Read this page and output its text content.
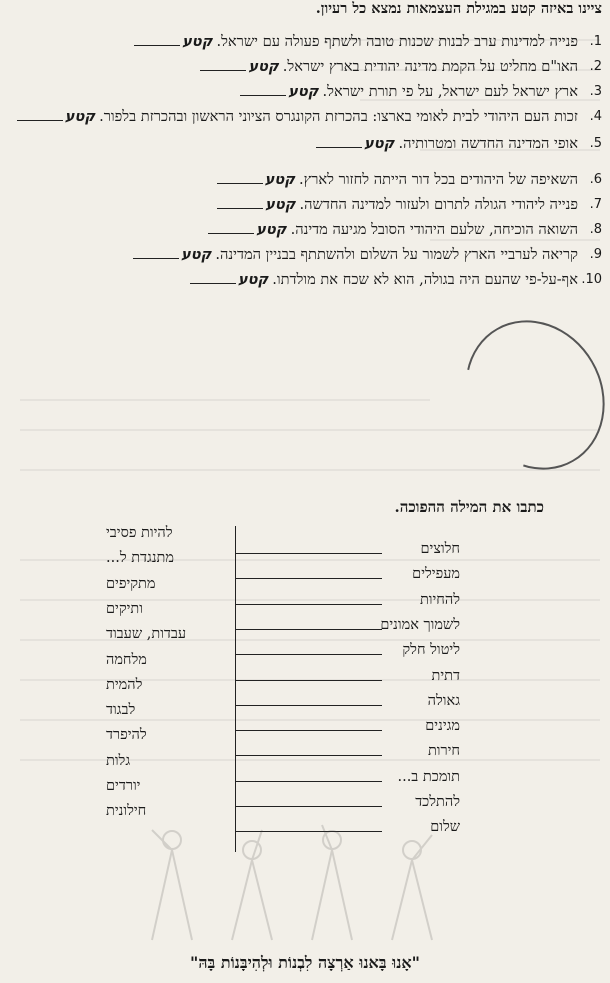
ציינו באיזה קטע במגילת העצמאות נמצא כל רעיון.
1.
פנייה למדינות ערב לבנות שכנות טובה ולשתף פעולה עם ישראל.קטע
2.
האו"ם מחליט על הקמת מדינה יהודית בארץ ישראל.קטע
3.
ארץ ישראל לעם ישראל, על פי תורת ישראל.קטע
4.
זכות העם היהודי לבית לאומי בארצו: בהכרזת הקונגרס הציוני הראשון ובהכרזת בלפור.קטע
5.
אופי המדינה החדשה ומטרותיה.קטע
6.
השאיפה של היהודים בכל דור הייתה לחזור לארץ.קטע
7.
פנייה ליהודי הגולה לתרום ולעזור למדינה החדשה.קטע
8.
השואה הוכיחה, שלעם היהודי הסובל מגיעה מדינה.קטע
9.
קריאה לערביי הארץ לשמור על השלום ולהשתתף בבניין המדינה.קטע
10.
אף-על-פי שהעם היה בגולה, הוא לא שכח את מולדתו.קטע
כתבו את המילה ההפוכה.
חלוצים
מעפילים
להחיות
לשמוך אמונים
ליטול חלק
דתית
גאולה
מגינים
חירות
תומכת ב...
להתלכד
שלום
להיות פסיבי
מתנגדת ל...
מתקיפים
ותיקים
עבדות, שעבוד
מלחמה
להמית
לבגוד
להיפרד
גלות
יורדים
חילונית
"אָנוּ בָּאנוּ אַרְצָה לִבְנוֹת וּלְהִיבָּנוֹת בָּהּ"
